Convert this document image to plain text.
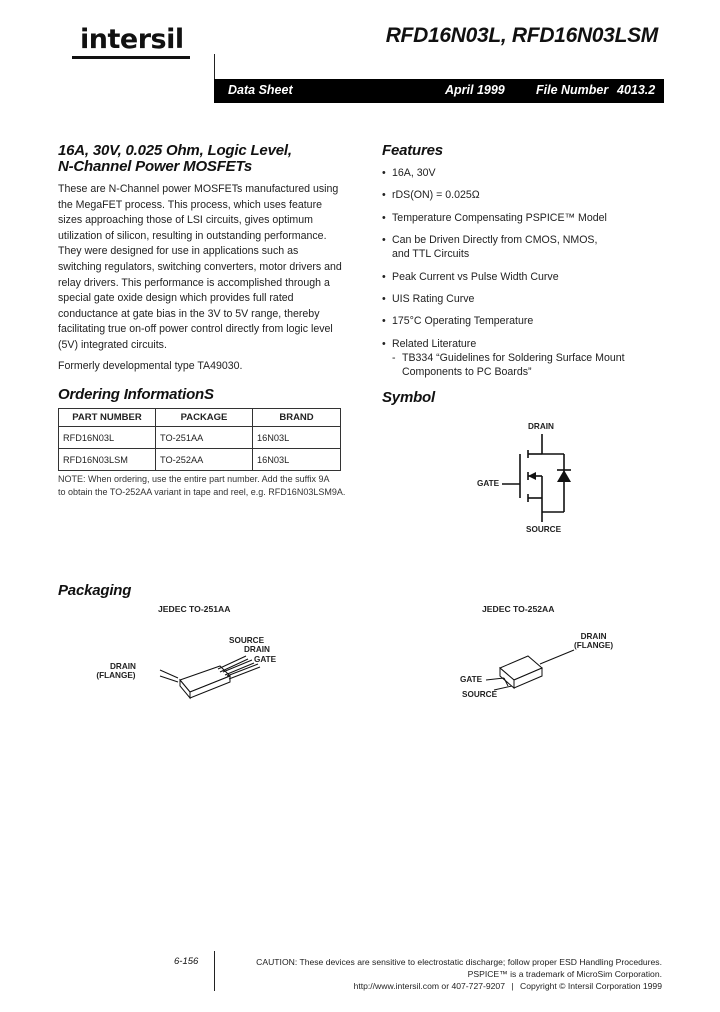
intersil	RFD16N03L, RFD16N03LSM
Data Sheet	April 1999 File Number 4013.2
16A, 30V, 0.025 Ohm, Logic Level,
N-Channel Power MOSFETs
These are N-Channel power MOSFETs manufactured using the MegaFET process. This process, which uses feature sizes approaching those of LSI circuits, gives optimum utilization of silicon, resulting in outstanding performance. They were designed for use in applications such as switching regulators, switching converters, motor drivers and relay drivers. This performance is accomplished through a special gate oxide design which provides full rated conductance at gate bias in the 3V to 5V range, thereby facilitating true on-off power control directly from logic level (5V) integrated circuits.
Formerly developmental type TA49030.
Ordering InformationS
PART NUMBER	PACKAGE	BRAND
RFD16N03L	TO-251AA	16N03L
RFD16N03LSM	TO-252AA	16N03L
NOTE: When ordering, use the entire part number. Add the suffix 9A
to obtain the TO-252AA variant in tape and reel, e.g. RFD16N03LSM9A.
Features
• 16A, 30V
• rDS(ON) = 0.025Ω
• Temperature Compensating PSPICE™ Model
• Can be Driven Directly from CMOS, NMOS,
and TTL Circuits
• Peak Current vs Pulse Width Curve
• UIS Rating Curve
• 175°C Operating Temperature
• Related Literature
- TB334 “Guidelines for Soldering Surface Mount
Components to PC Boards”
Symbol
DRAIN
GATE
SOURCE
Packaging
JEDEC TO-251AA
SOURCE
DRAIN
GATE
DRAIN
(FLANGE)
JEDEC TO-252AA
DRAIN
(FLANGE)
GATE
SOURCE
6-156	CAUTION: These devices are sensitive to electrostatic discharge; follow proper ESD Handling Procedures.
PSPICE™ is a trademark of MicroSim Corporation.
http://www.intersil.com or 407-727-9207 | Copyright © Intersil Corporation 1999
